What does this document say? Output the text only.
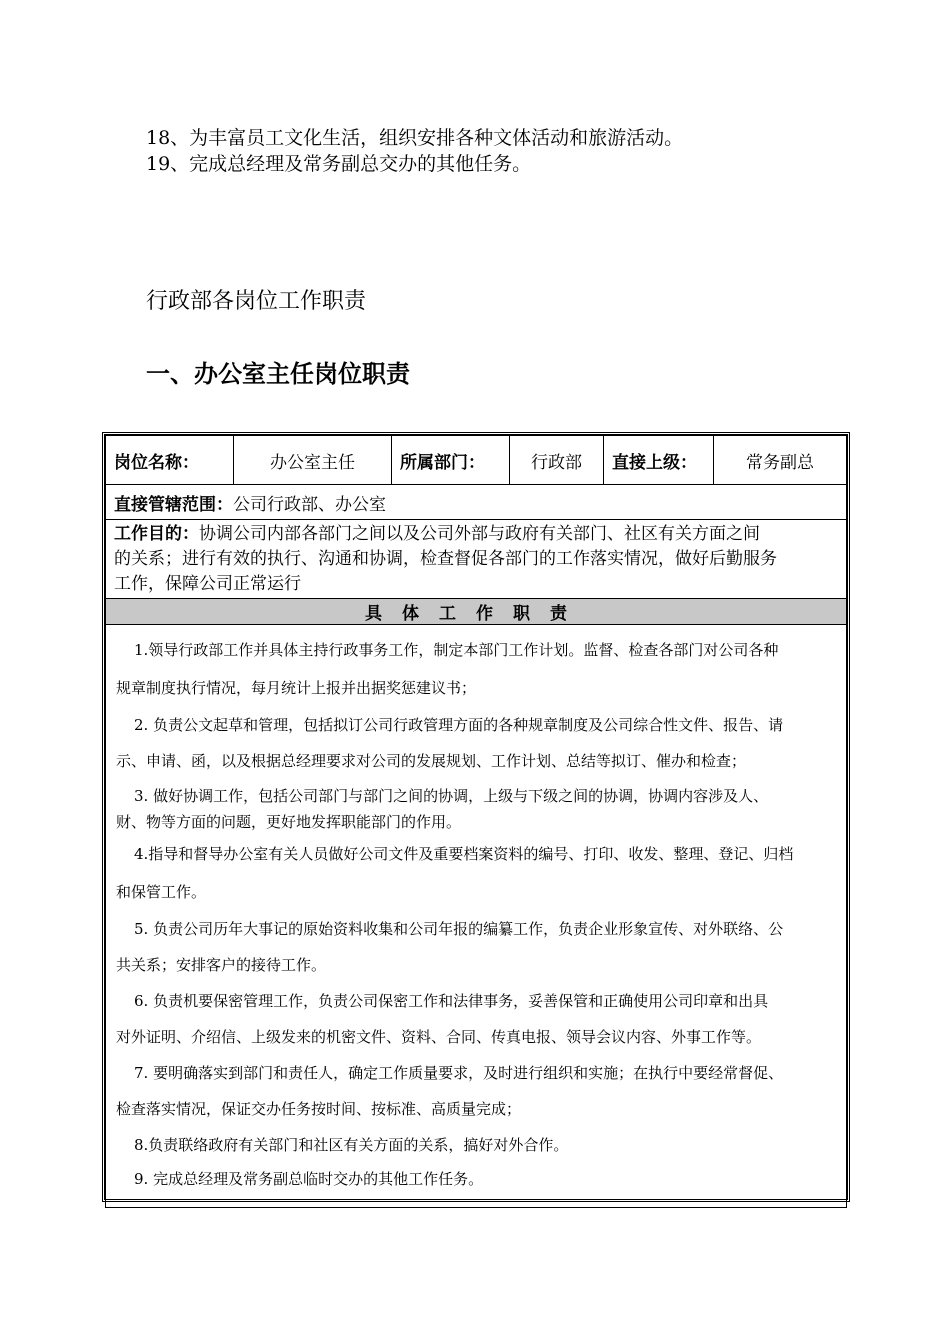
18、为丰富员工文化生活，组织安排各种文体活动和旅游活动。

19、完成总经理及常务副总交办的其他任务。

行政部各岗位工作职责
一、办公室主任岗位职责
岗位名称：	办公室主任	所属部门：	行政部	直接上级：	常务副总
直接管辖范围：公司行政部、办公室
工作目的：协调公司内部各部门之间以及公司外部与政府有关部门、社区有关方面之间
的关系；进行有效的执行、沟通和协调，检查督促各部门的工作落实情况，做好后勤服务
工作，保障公司正常运行
具体工作职责

1.领导行政部工作并具体主持行政事务工作，制定本部门工作计划。监督、检查各部门对公司各种
规章制度执行情况，每月统计上报并出据奖惩建议书；
2. 负责公文起草和管理，包括拟订公司行政管理方面的各种规章制度及公司综合性文件、报告、请
示、申请、函，以及根据总经理要求对公司的发展规划、工作计划、总结等拟订、催办和检查；
3. 做好协调工作，包括公司部门与部门之间的协调，上级与下级之间的协调，协调内容涉及人、
财、物等方面的问题，更好地发挥职能部门的作用。
4.指导和督导办公室有关人员做好公司文件及重要档案资料的编号、打印、收发、整理、登记、归档
和保管工作。
5. 负责公司历年大事记的原始资料收集和公司年报的编纂工作，负责企业形象宣传、对外联络、公
共关系；安排客户的接待工作。
6. 负责机要保密管理工作，负责公司保密工作和法律事务，妥善保管和正确使用公司印章和出具
对外证明、介绍信、上级发来的机密文件、资料、合同、传真电报、领导会议内容、外事工作等。
7. 要明确落实到部门和责任人，确定工作质量要求，及时进行组织和实施；在执行中要经常督促、
检查落实情况，保证交办任务按时间、按标准、高质量完成；
8.负责联络政府有关部门和社区有关方面的关系，搞好对外合作。
9. 完成总经理及常务副总临时交办的其他工作任务。
